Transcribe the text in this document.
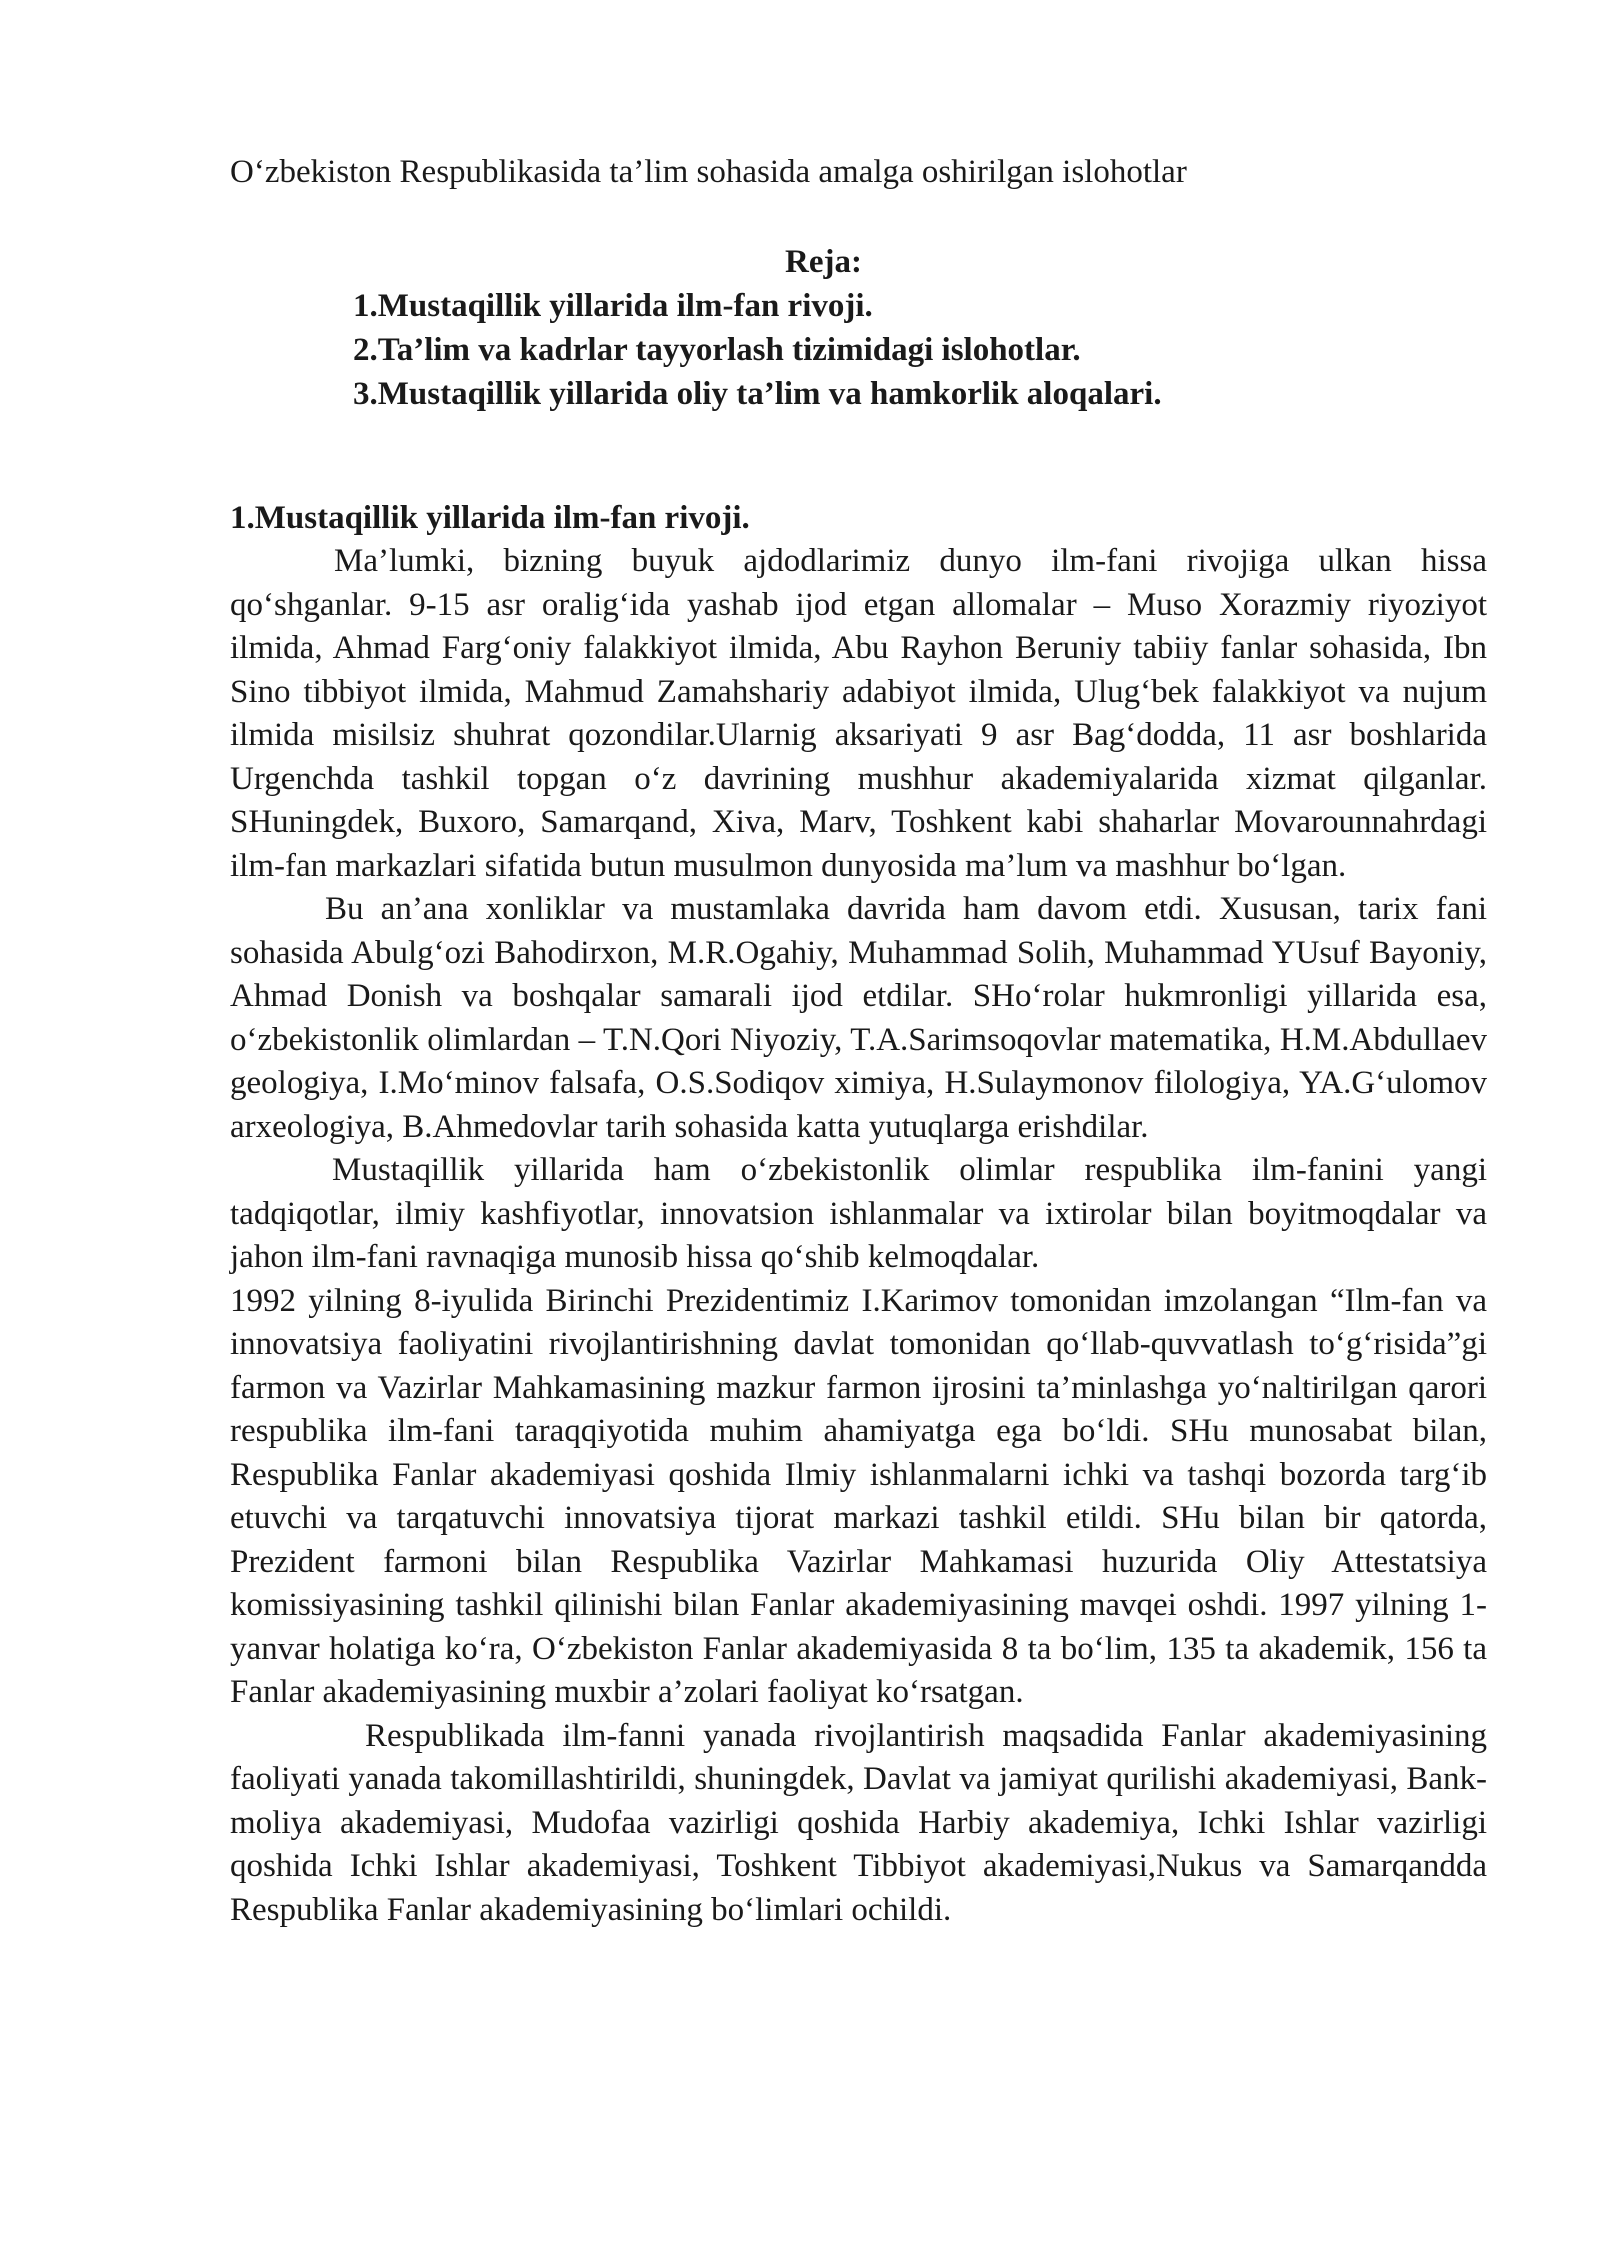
O‘zbekiston Respublikasida ta’lim sohasida amalga oshirilgan islohotlar
Reja:
1.Mustaqillik yillarida ilm-fan rivoji.
2.Ta’lim va kadrlar tayyorlash tizimidagi islohotlar.
3.Mustaqillik yillarida oliy ta’lim va hamkorlik aloqalari.
1.Mustaqillik yillarida ilm-fan rivoji.

Ma’lumki, bizning buyuk ajdodlarimiz dunyo ilm-fani rivojiga ulkan hissa qo‘shganlar. 9-15 asr oralig‘ida yashab ijod etgan allomalar – Muso Xorazmiy riyoziyot ilmida, Ahmad Farg‘oniy falakkiyot ilmida, Abu Rayhon Beruniy tabiiy fanlar sohasida, Ibn Sino tibbiyot ilmida, Mahmud Zamahshariy adabiyot ilmida, Ulug‘bek falakkiyot va nujum ilmida misilsiz shuhrat qozondilar.Ularnig aksariyati 9 asr Bag‘dodda, 11 asr boshlarida Urgenchda tashkil topgan o‘z davrining mushhur akademiyalarida xizmat qilganlar. SHuningdek, Buxoro, Samarqand, Xiva, Marv, Toshkent kabi shaharlar Movarounnahrdagi ilm-fan markazlari sifatida butun musulmon dunyosida ma’lum va mashhur bo‘lgan.

Bu an’ana xonliklar va mustamlaka davrida ham davom etdi. Xususan, tarix fani sohasida Abulg‘ozi Bahodirxon, M.R.Ogahiy, Muhammad Solih, Muhammad YUsuf Bayoniy, Ahmad Donish va boshqalar samarali ijod etdilar. SHo‘rolar hukmronligi yillarida esa, o‘zbekistonlik olimlardan – T.N.Qori Niyoziy, T.A.Sarimsoqovlar matematika, H.M.Abdullaev geologiya, I.Mo‘minov falsafa, O.S.Sodiqov ximiya, H.Sulaymonov filologiya, YA.G‘ulomov arxeologiya, B.Ahmedovlar tarih sohasida katta yutuqlarga erishdilar.

Mustaqillik yillarida ham o‘zbekistonlik olimlar respublika ilm-fanini yangi tadqiqotlar, ilmiy kashfiyotlar, innovatsion ishlanmalar va ixtirolar bilan boyitmoqdalar va jahon ilm-fani ravnaqiga munosib hissa qo‘shib kelmoqdalar.

1992 yilning 8-iyulida Birinchi Prezidentimiz I.Karimov tomonidan imzolangan “Ilm-fan va innovatsiya faoliyatini rivojlantirishning davlat tomonidan qo‘llab-quvvatlash to‘g‘risida”gi farmon va Vazirlar Mahkamasining mazkur farmon ijrosini ta’minlashga yo‘naltirilgan qarori respublika ilm-fani taraqqiyotida muhim ahamiyatga ega bo‘ldi. SHu munosabat bilan, Respublika Fanlar akademiyasi qoshida Ilmiy ishlanmalarni ichki va tashqi bozorda targ‘ib etuvchi va tarqatuvchi innovatsiya tijorat markazi tashkil etildi. SHu bilan bir qatorda, Prezident farmoni bilan Respublika Vazirlar Mahkamasi huzurida Oliy Attestatsiya komissiyasining tashkil qilinishi bilan Fanlar akademiyasining mavqei oshdi. 1997 yilning 1-yanvar holatiga ko‘ra, O‘zbekiston Fanlar akademiyasida 8 ta bo‘lim, 135 ta akademik, 156 ta Fanlar akademiyasining muxbir a’zolari faoliyat ko‘rsatgan.

Respublikada ilm-fanni yanada rivojlantirish maqsadida Fanlar akademiyasining faoliyati yanada takomillashtirildi, shuningdek, Davlat va jamiyat qurilishi akademiyasi, Bank-moliya akademiyasi, Mudofaa vazirligi qoshida Harbiy akademiya, Ichki Ishlar vazirligi qoshida Ichki Ishlar akademiyasi, Toshkent Tibbiyot akademiyasi,Nukus va Samarqandda Respublika Fanlar akademiyasining bo‘limlari ochildi.
